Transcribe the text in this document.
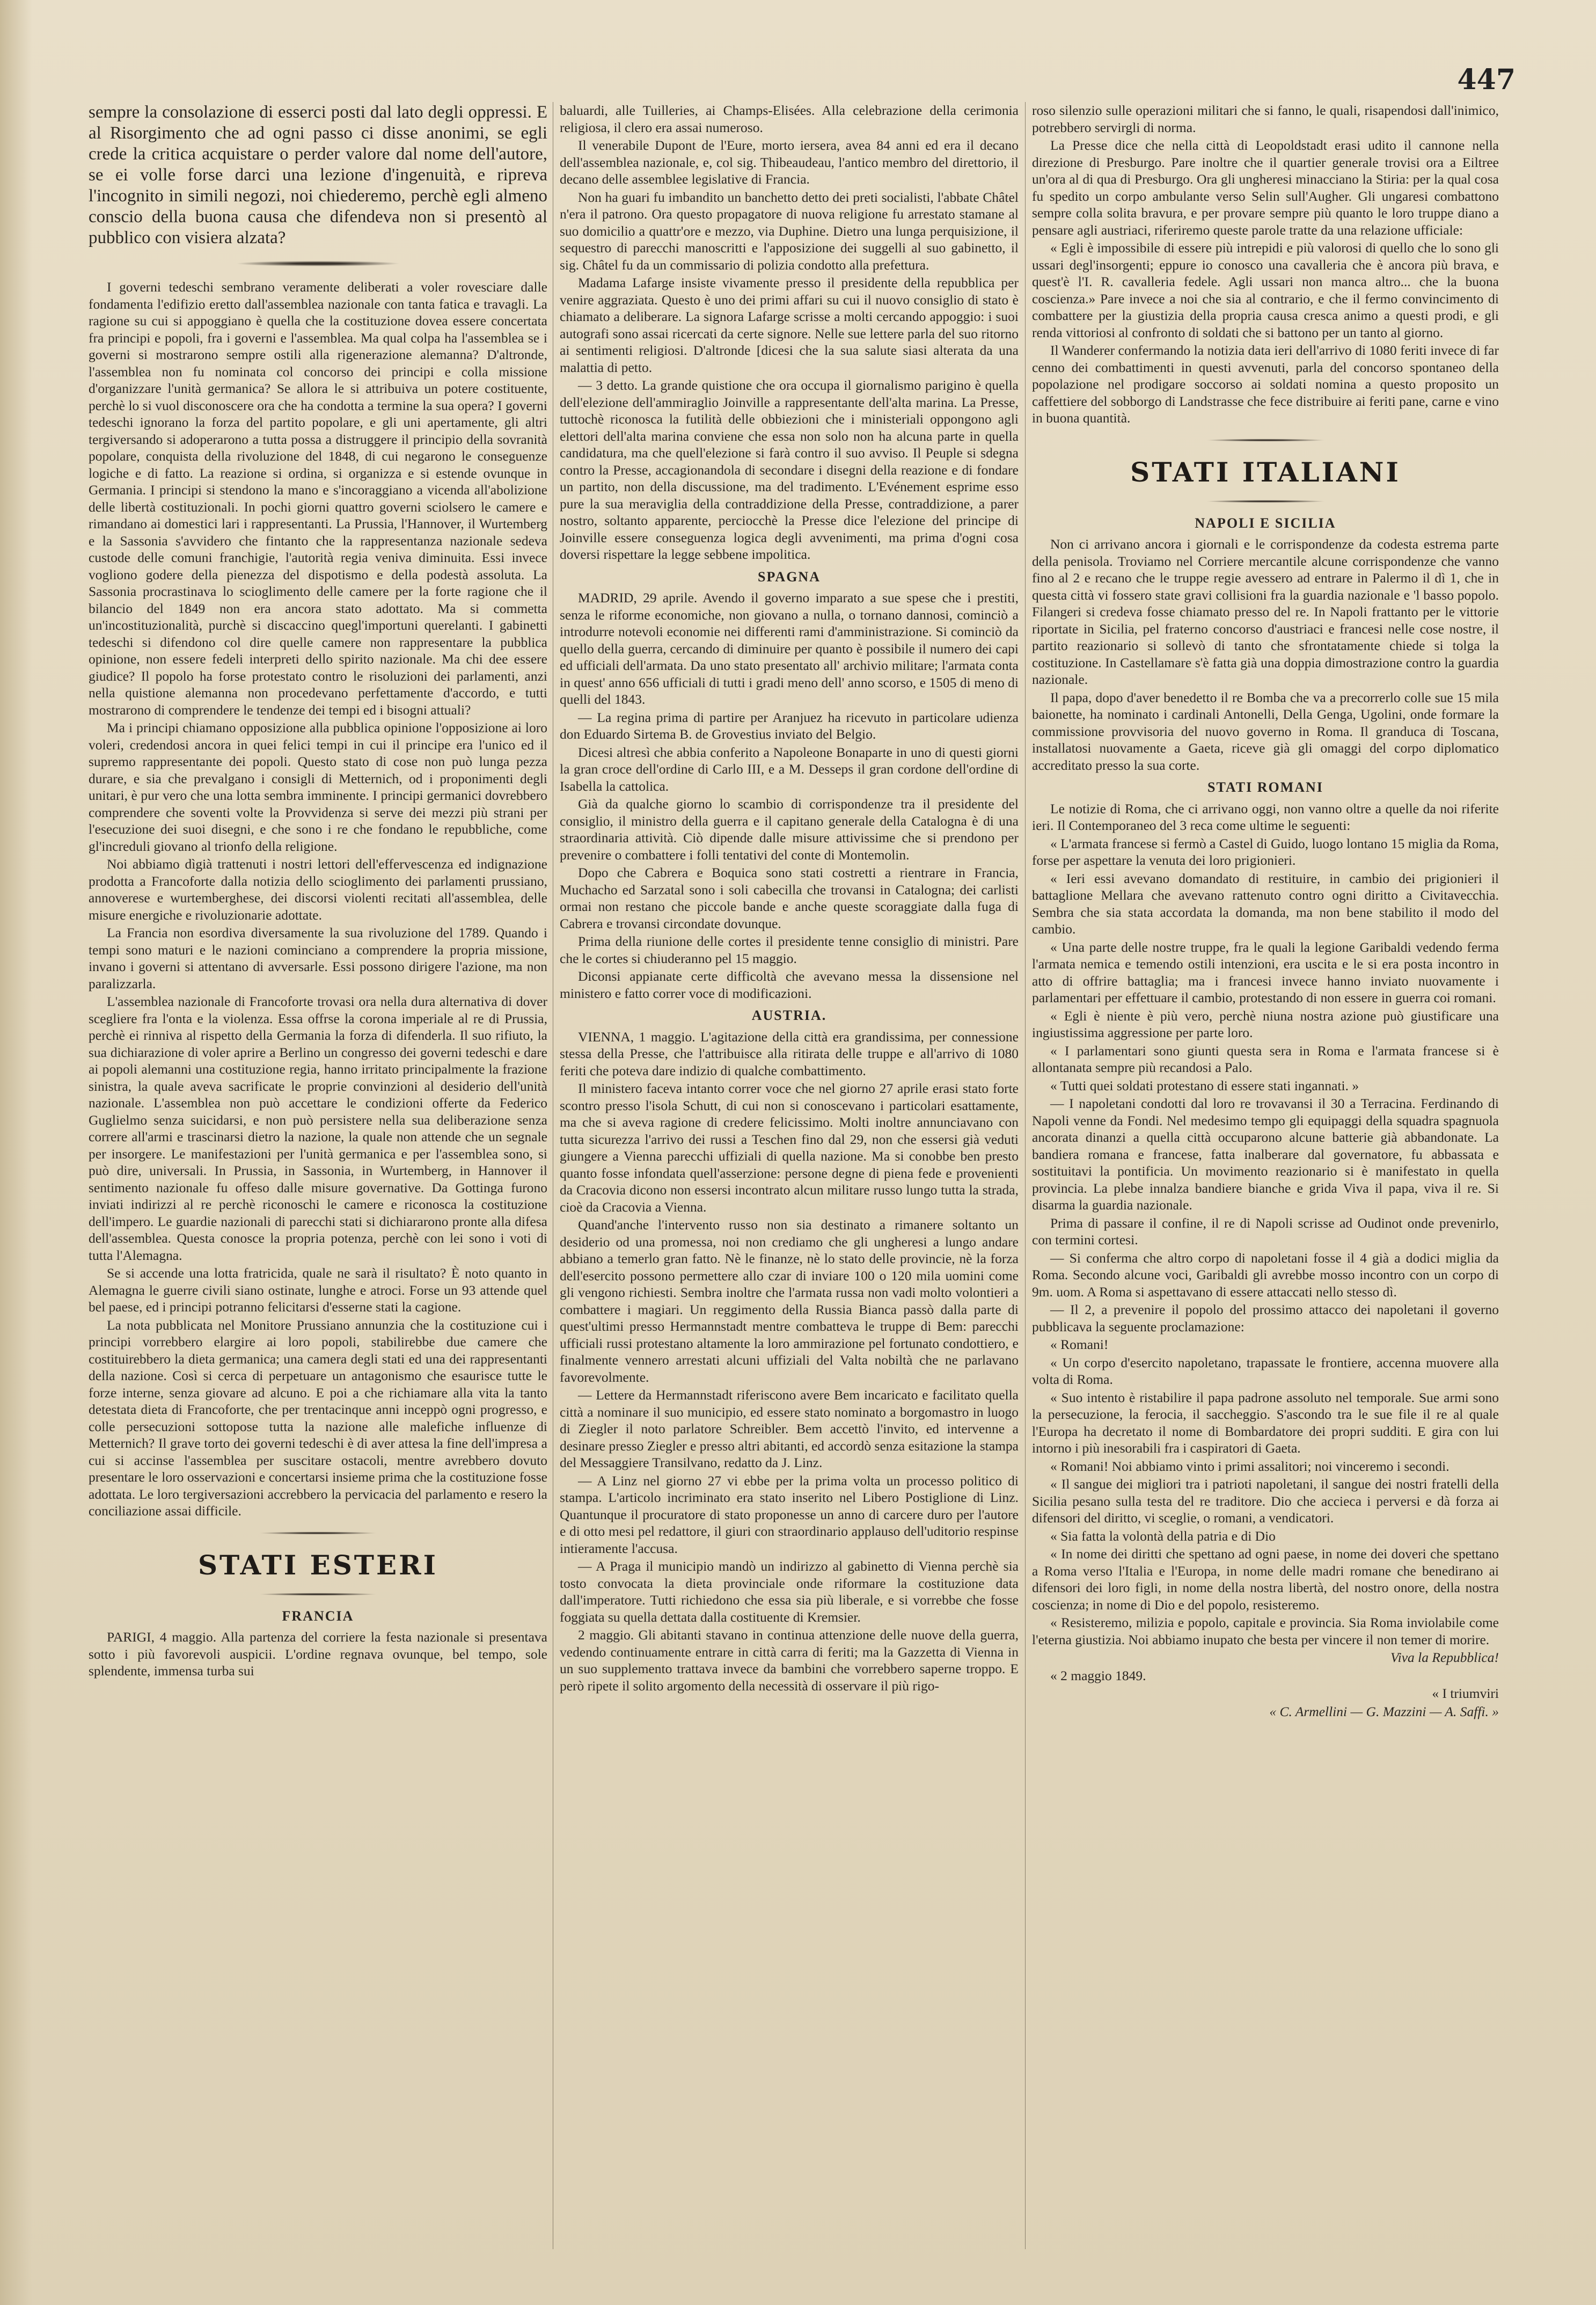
447

sempre la consolazione di esserci posti dal lato degli oppressi. E al Risorgimento che ad ogni passo ci disse anonimi, se egli crede la critica acquistare o perder valore dal nome dell'autore, se ei volle forse darci una lezione d'ingenuità, e ripreva l'incognito in simili negozi, noi chiederemo, perchè egli almeno conscio della buona causa che difendeva non si presentò al pubblico con visiera alzata?

I governi tedeschi sembrano veramente deliberati a voler rovesciare dalle fondamenta l'edifizio eretto dall'assemblea nazionale con tanta fatica e travagli. La ragione su cui si appoggiano è quella che la costituzione dovea essere concertata fra principi e popoli, fra i governi e l'assemblea. Ma qual colpa ha l'assemblea se i governi si mostrarono sempre ostili alla rigenerazione alemanna? D'altronde, l'assemblea non fu nominata col concorso dei principi e colla missione d'organizzare l'unità germanica? Se allora le si attribuiva un potere costituente, perchè lo si vuol disconoscere ora che ha condotta a termine la sua opera? I governi tedeschi ignorano la forza del partito popolare, e gli uni apertamente, gli altri tergiversando si adoperarono a tutta possa a distruggere il principio della sovranità popolare, conquista della rivoluzione del 1848, di cui negarono le conseguenze logiche e di fatto. La reazione si ordina, si organizza e si estende ovunque in Germania. I principi si stendono la mano e s'incoraggiano a vicenda all'abolizione delle libertà costituzionali. In pochi giorni quattro governi sciolsero le camere e rimandano ai domestici lari i rappresentanti. La Prussia, l'Hannover, il Wurtemberg e la Sassonia s'avvidero che fintanto che la rappresentanza nazionale sedeva custode delle comuni franchigie, l'autorità regia veniva diminuita. Essi invece vogliono godere della pienezza del dispotismo e della podestà assoluta. La Sassonia procrastinava lo scioglimento delle camere per la forte ragione che il bilancio del 1849 non era ancora stato adottato. Ma si commetta un'incostituzionalità, purchè si discaccino quegl'importuni querelanti. I gabinetti tedeschi si difendono col dire quelle camere non rappresentare la pubblica opinione, non essere fedeli interpreti dello spirito nazionale. Ma chi dee essere giudice? Il popolo ha forse protestato contro le risoluzioni dei parlamenti, anzi nella quistione alemanna non procedevano perfettamente d'accordo, e tutti mostrarono di comprendere le tendenze dei tempi ed i bisogni attuali?

Ma i principi chiamano opposizione alla pubblica opinione l'opposizione ai loro voleri, credendosi ancora in quei felici tempi in cui il principe era l'unico ed il supremo rappresentante dei popoli. Questo stato di cose non può lunga pezza durare, e sia che prevalgano i consigli di Metternich, od i proponimenti degli unitari, è pur vero che una lotta sembra imminente. I principi germanici dovrebbero comprendere che soventi volte la Provvidenza si serve dei mezzi più strani per l'esecuzione dei suoi disegni, e che sono i re che fondano le repubbliche, come gl'increduli giovano al trionfo della religione.

Noi abbiamo dìgià trattenuti i nostri lettori dell'effervescenza ed indignazione prodotta a Francoforte dalla notizia dello scioglimento dei parlamenti prussiano, annoverese e wurtemberghese, dei discorsi violenti recitati all'assemblea, delle misure energiche e rivoluzionarie adottate.

La Francia non esordiva diversamente la sua rivoluzione del 1789. Quando i tempi sono maturi e le nazioni cominciano a comprendere la propria missione, invano i governi si attentano di avversarle. Essi possono dirigere l'azione, ma non paralizzarla.

L'assemblea nazionale di Francoforte trovasi ora nella dura alternativa di dover scegliere fra l'onta e la violenza. Essa offrse la corona imperiale al re di Prussia, perchè ei rinniva al rispetto della Germania la forza di difenderla. Il suo rifiuto, la sua dichiarazione di voler aprire a Berlino un congresso dei governi tedeschi e dare ai popoli alemanni una costituzione regia, hanno irritato principalmente la frazione sinistra, la quale aveva sacrificate le proprie convinzioni al desiderio dell'unità nazionale. L'assemblea non può accettare le condizioni offerte da Federico Guglielmo senza suicidarsi, e non può persistere nella sua deliberazione senza correre all'armi e trascinarsi dietro la nazione, la quale non attende che un segnale per insorgere. Le manifestazioni per l'unità germanica e per l'assemblea sono, si può dire, universali. In Prussia, in Sassonia, in Wurtemberg, in Hannover il sentimento nazionale fu offeso dalle misure governative. Da Gottinga furono inviati indirizzi al re perchè riconoschi le camere e riconosca la costituzione dell'impero. Le guardie nazionali di parecchi stati si dichiararono pronte alla difesa dell'assemblea. Questa conosce la propria potenza, perchè con lei sono i voti di tutta l'Alemagna.

Se si accende una lotta fratricida, quale ne sarà il risultato? È noto quanto in Alemagna le guerre civili siano ostinate, lunghe e atroci. Forse un 93 attende quel bel paese, ed i principi potranno felicitarsi d'esserne stati la cagione.

La nota pubblicata nel Monitore Prussiano annunzia che la costituzione cui i principi vorrebbero elargire ai loro popoli, stabilirebbe due camere che costituirebbero la dieta germanica; una camera degli stati ed una dei rappresentanti della nazione. Così si cerca di perpetuare un antagonismo che esaurisce tutte le forze interne, senza giovare ad alcuno. E poi a che richiamare alla vita la tanto detestata dieta di Francoforte, che per trentacinque anni inceppò ogni progresso, e colle persecuzioni sottopose tutta la nazione alle malefiche influenze di Metternich? Il grave torto dei governi tedeschi è di aver attesa la fine dell'impresa a cui si accinse l'assemblea per suscitare ostacoli, mentre avrebbero dovuto presentare le loro osservazioni e concertarsi insieme prima che la costituzione fosse adottata. Le loro tergiversazioni accrebbero la pervicacia del parlamento e resero la conciliazione assai difficile.

STATI ESTERI
FRANCIA

PARIGI, 4 maggio. Alla partenza del corriere la festa nazionale si presentava sotto i più favorevoli auspicii. L'ordine regnava ovunque, bel tempo, sole splendente, immensa turba sui

baluardi, alle Tuilleries, ai Champs-Elisées. Alla celebrazione della cerimonia religiosa, il clero era assai numeroso.

Il venerabile Dupont de l'Eure, morto iersera, avea 84 anni ed era il decano dell'assemblea nazionale, e, col sig. Thibeaudeau, l'antico membro del direttorio, il decano delle assemblee legislative di Francia.

Non ha guari fu imbandito un banchetto detto dei preti socialisti, l'abbate Châtel n'era il patrono. Ora questo propagatore di nuova religione fu arrestato stamane al suo domicilio a quattr'ore e mezzo, via Duphine. Dietro una lunga perquisizione, il sequestro di parecchi manoscritti e l'apposizione dei suggelli al suo gabinetto, il sig. Châtel fu da un commissario di polizia condotto alla prefettura.

Madama Lafarge insiste vivamente presso il presidente della repubblica per venire aggraziata. Questo è uno dei primi affari su cui il nuovo consiglio di stato è chiamato a deliberare. La signora Lafarge scrisse a molti cercando appoggio: i suoi autografi sono assai ricercati da certe signore. Nelle sue lettere parla del suo ritorno ai sentimenti religiosi. D'altronde [dicesi che la sua salute siasi alterata da una malattia di petto.

— 3 detto. La grande quistione che ora occupa il giornalismo parigino è quella dell'elezione dell'ammiraglio Joinville a rappresentante dell'alta marina. La Presse, tuttochè riconosca la futilità delle obbiezioni che i ministeriali oppongono agli elettori dell'alta marina conviene che essa non solo non ha alcuna parte in quella candidatura, ma che quell'elezione si farà contro il suo avviso. Il Peuple si sdegna contro la Presse, accagionandola di secondare i disegni della reazione e di fondare un partito, non della discussione, ma del tradimento. L'Evénement esprime esso pure la sua meraviglia della contraddizione della Presse, contraddizione, a parer nostro, soltanto apparente, perciocchè la Presse dice l'elezione del principe di Joinville essere conseguenza logica degli avvenimenti, ma prima d'ogni cosa doversi rispettare la legge sebbene impolitica.

SPAGNA

MADRID, 29 aprile. Avendo il governo imparato a sue spese che i prestiti, senza le riforme economiche, non giovano a nulla, o tornano dannosi, cominciò a introdurre notevoli economie nei differenti rami d'amministrazione. Si cominciò da quello della guerra, cercando di diminuire per quanto è possibile il numero dei capi ed ufficiali dell'armata. Da uno stato presentato all' archivio militare; l'armata conta in quest' anno 656 ufficiali di tutti i gradi meno dell' anno scorso, e 1505 di meno di quelli del 1843.

— La regina prima di partire per Aranjuez ha ricevuto in particolare udienza don Eduardo Sirtema B. de Grovestius inviato del Belgio.

Dicesi altresì che abbia conferito a Napoleone Bonaparte in uno di questi giorni la gran croce dell'ordine di Carlo III, e a M. Desseps il gran cordone dell'ordine di Isabella la cattolica.

Già da qualche giorno lo scambio di corrispondenze tra il presidente del consiglio, il ministro della guerra e il capitano generale della Catalogna è di una straordinaria attività. Ciò dipende dalle misure attivissime che si prendono per prevenire o combattere i folli tentativi del conte di Montemolin.

Dopo che Cabrera e Boquica sono stati costretti a rientrare in Francia, Muchacho ed Sarzatal sono i soli cabecilla che trovansi in Catalogna; dei carlisti ormai non restano che piccole bande e anche queste scoraggiate dalla fuga di Cabrera e trovansi circondate dovunque.

Prima della riunione delle cortes il presidente tenne consiglio di ministri. Pare che le cortes si chiuderanno pel 15 maggio.

Diconsi appianate certe difficoltà che avevano messa la dissensione nel ministero e fatto correr voce di modificazioni.

AUSTRIA.

VIENNA, 1 maggio. L'agitazione della città era grandissima, per connessione stessa della Presse, che l'attribuisce alla ritirata delle truppe e all'arrivo di 1080 feriti che poteva dare indizio di qualche combattimento.

Il ministero faceva intanto correr voce che nel giorno 27 aprile erasi stato forte scontro presso l'isola Schutt, di cui non si conoscevano i particolari esattamente, ma che si aveva ragione di credere felicissimo. Molti inoltre annunciavano con tutta sicurezza l'arrivo dei russi a Teschen fino dal 29, non che essersi già veduti giungere a Vienna parecchi uffiziali di quella nazione. Ma si conobbe ben presto quanto fosse infondata quell'asserzione: persone degne di piena fede e provenienti da Cracovia dicono non essersi incontrato alcun militare russo lungo tutta la strada, cioè da Cracovia a Vienna.

Quand'anche l'intervento russo non sia destinato a rimanere soltanto un desiderio od una promessa, noi non crediamo che gli ungheresi a lungo andare abbiano a temerlo gran fatto. Nè le finanze, nè lo stato delle provincie, nè la forza dell'esercito possono permettere allo czar di inviare 100 o 120 mila uomini come gli vengono richiesti. Sembra inoltre che l'armata russa non vadi molto volontieri a combattere i magiari. Un reggimento della Russia Bianca passò dalla parte di quest'ultimi presso Hermannstadt mentre combatteva le truppe di Bem: parecchi ufficiali russi protestano altamente la loro ammirazione pel fortunato condottiero, e finalmente vennero arrestati alcuni uffiziali del Valta nobiltà che ne parlavano favorevolmente.

— Lettere da Hermannstadt riferiscono avere Bem incaricato e facilitato quella città a nominare il suo municipio, ed essere stato nominato a borgomastro in luogo di Ziegler il noto parlatore Schreibler. Bem accettò l'invito, ed intervenne a desinare presso Ziegler e presso altri abitanti, ed accordò senza esitazione la stampa del Messaggiere Transilvano, redatto da J. Linz.

— A Linz nel giorno 27 vi ebbe per la prima volta un processo politico di stampa. L'articolo incriminato era stato inserito nel Libero Postiglione di Linz. Quantunque il procuratore di stato proponesse un anno di carcere duro per l'autore e di otto mesi pel redattore, il giuri con straordinario applauso dell'uditorio respinse intieramente l'accusa.

— A Praga il municipio mandò un indirizzo al gabinetto di Vienna perchè sia tosto convocata la dieta provinciale onde riformare la costituzione data dall'imperatore. Tutti richiedono che essa sia più liberale, e si vorrebbe che fosse foggiata su quella dettata dalla costituente di Kremsier.

2 maggio. Gli abitanti stavano in continua attenzione delle nuove della guerra, vedendo continuamente entrare in città carra di feriti; ma la Gazzetta di Vienna in un suo supplemento trattava invece da bambini che vorrebbero saperne troppo. E però ripete il solito argomento della necessità di osservare il più rigo-

roso silenzio sulle operazioni militari che si fanno, le quali, risapendosi dall'inimico, potrebbero servirgli di norma.

La Presse dice che nella città di Leopoldstadt erasi udito il cannone nella direzione di Presburgo. Pare inoltre che il quartier generale trovisi ora a Eiltree un'ora al di qua di Presburgo. Ora gli ungheresi minacciano la Stiria: per la qual cosa fu spedito un corpo ambulante verso Selin sull'Augher. Gli ungaresi combattono sempre colla solita bravura, e per provare sempre più quanto le loro truppe diano a pensare agli austriaci, riferiremo queste parole tratte da una relazione ufficiale:

« Egli è impossibile di essere più intrepidi e più valorosi di quello che lo sono gli ussari degl'insorgenti; eppure io conosco una cavalleria che è ancora più brava, e quest'è l'I. R. cavalleria fedele. Agli ussari non manca altro... che la buona coscienza.» Pare invece a noi che sia al contrario, e che il fermo convincimento di combattere per la giustizia della propria causa cresca animo a questi prodi, e gli renda vittoriosi al confronto di soldati che si battono per un tanto al giorno.

Il Wanderer confermando la notizia data ieri dell'arrivo di 1080 feriti invece di far cenno dei combattimenti in questi avvenuti, parla del concorso spontaneo della popolazione nel prodigare soccorso ai soldati nomina a questo proposito un caffettiere del sobborgo di Landstrasse che fece distribuire ai feriti pane, carne e vino in buona quantità.

STATI ITALIANI
NAPOLI E SICILIA

Non ci arrivano ancora i giornali e le corrispondenze da codesta estrema parte della penisola. Troviamo nel Corriere mercantile alcune corrispondenze che vanno fino al 2 e recano che le truppe regie avessero ad entrare in Palermo il dì 1, che in questa città vi fossero state gravi collisioni fra la guardia nazionale e 'l basso popolo. Filangeri si credeva fosse chiamato presso del re. In Napoli frattanto per le vittorie riportate in Sicilia, pel fraterno concorso d'austriaci e francesi nelle cose nostre, il partito reazionario si sollevò di tanto che sfrontatamente chiede si tolga la costituzione. In Castellamare s'è fatta già una doppia dimostrazione contro la guardia nazionale.

Il papa, dopo d'aver benedetto il re Bomba che va a precorrerlo colle sue 15 mila baionette, ha nominato i cardinali Antonelli, Della Genga, Ugolini, onde formare la commissione provvisoria del nuovo governo in Roma. Il granduca di Toscana, installatosi nuovamente a Gaeta, riceve già gli omaggi del corpo diplomatico accreditato presso la sua corte.

STATI ROMANI

Le notizie di Roma, che ci arrivano oggi, non vanno oltre a quelle da noi riferite ieri. Il Contemporaneo del 3 reca come ultime le seguenti:

« L'armata francese si fermò a Castel di Guido, luogo lontano 15 miglia da Roma, forse per aspettare la venuta dei loro prigionieri.

« Ieri essi avevano domandato di restituire, in cambio dei prigionieri il battaglione Mellara che avevano rattenuto contro ogni diritto a Civitavecchia. Sembra che sia stata accordata la domanda, ma non bene stabilito il modo del cambio.

« Una parte delle nostre truppe, fra le quali la legione Garibaldi vedendo ferma l'armata nemica e temendo ostili intenzioni, era uscita e le si era posta incontro in atto di offrire battaglia; ma i francesi invece hanno inviato nuovamente i parlamentari per effettuare il cambio, protestando di non essere in guerra coi romani.

« Egli è niente è più vero, perchè niuna nostra azione può giustificare una ingiustissima aggressione per parte loro.

« I parlamentari sono giunti questa sera in Roma e l'armata francese si è allontanata sempre più recandosi a Palo.

« Tutti quei soldati protestano di essere stati ingannati. »

— I napoletani condotti dal loro re trovavansi il 30 a Terracina. Ferdinando di Napoli venne da Fondi. Nel medesimo tempo gli equipaggi della squadra spagnuola ancorata dinanzi a quella città occuparono alcune batterie già abbandonate. La bandiera romana e francese, fatta inalberare dal governatore, fu abbassata e sostituitavi la pontificia. Un movimento reazionario si è manifestato in quella provincia. La plebe innalza bandiere bianche e grida Viva il papa, viva il re. Si disarma la guardia nazionale.

Prima di passare il confine, il re di Napoli scrisse ad Oudinot onde prevenirlo, con termini cortesi.

— Si conferma che altro corpo di napoletani fosse il 4 già a dodici miglia da Roma. Secondo alcune voci, Garibaldi gli avrebbe mosso incontro con un corpo di 9m. uom. A Roma si aspettavano di essere attaccati nello stesso dì.

— Il 2, a prevenire il popolo del prossimo attacco dei napoletani il governo pubblicava la seguente proclamazione:

« Romani!

« Un corpo d'esercito napoletano, trapassate le frontiere, accenna muovere alla volta di Roma.

« Suo intento è ristabilire il papa padrone assoluto nel temporale. Sue armi sono la persecuzione, la ferocia, il saccheggio. S'ascondo tra le sue file il re al quale l'Europa ha decretato il nome di Bombardatore dei propri sudditi. E gira con lui intorno i più inesorabili fra i caspiratori di Gaeta.

« Romani! Noi abbiamo vinto i primi assalitori; noi vinceremo i secondi.

« Il sangue dei migliori tra i patrioti napoletani, il sangue dei nostri fratelli della Sicilia pesano sulla testa del re traditore. Dio che accieca i perversi e dà forza ai difensori del diritto, vi sceglie, o romani, a vendicatori.

« Sia fatta la volontà della patria e di Dio

« In nome dei diritti che spettano ad ogni paese, in nome dei doveri che spettano a Roma verso l'Italia e l'Europa, in nome delle madri romane che benedirano ai difensori dei loro figli, in nome della nostra libertà, del nostro onore, della nostra coscienza; in nome di Dio e del popolo, resisteremo.

« Resisteremo, milizia e popolo, capitale e provincia. Sia Roma inviolabile come l'eterna giustizia. Noi abbiamo inupato che besta per vincere il non temer di morire.

Viva la Repubblica!

« 2 maggio 1849.

« I triumviri

« C. Armellini — G. Mazzini — A. Saffi. »
